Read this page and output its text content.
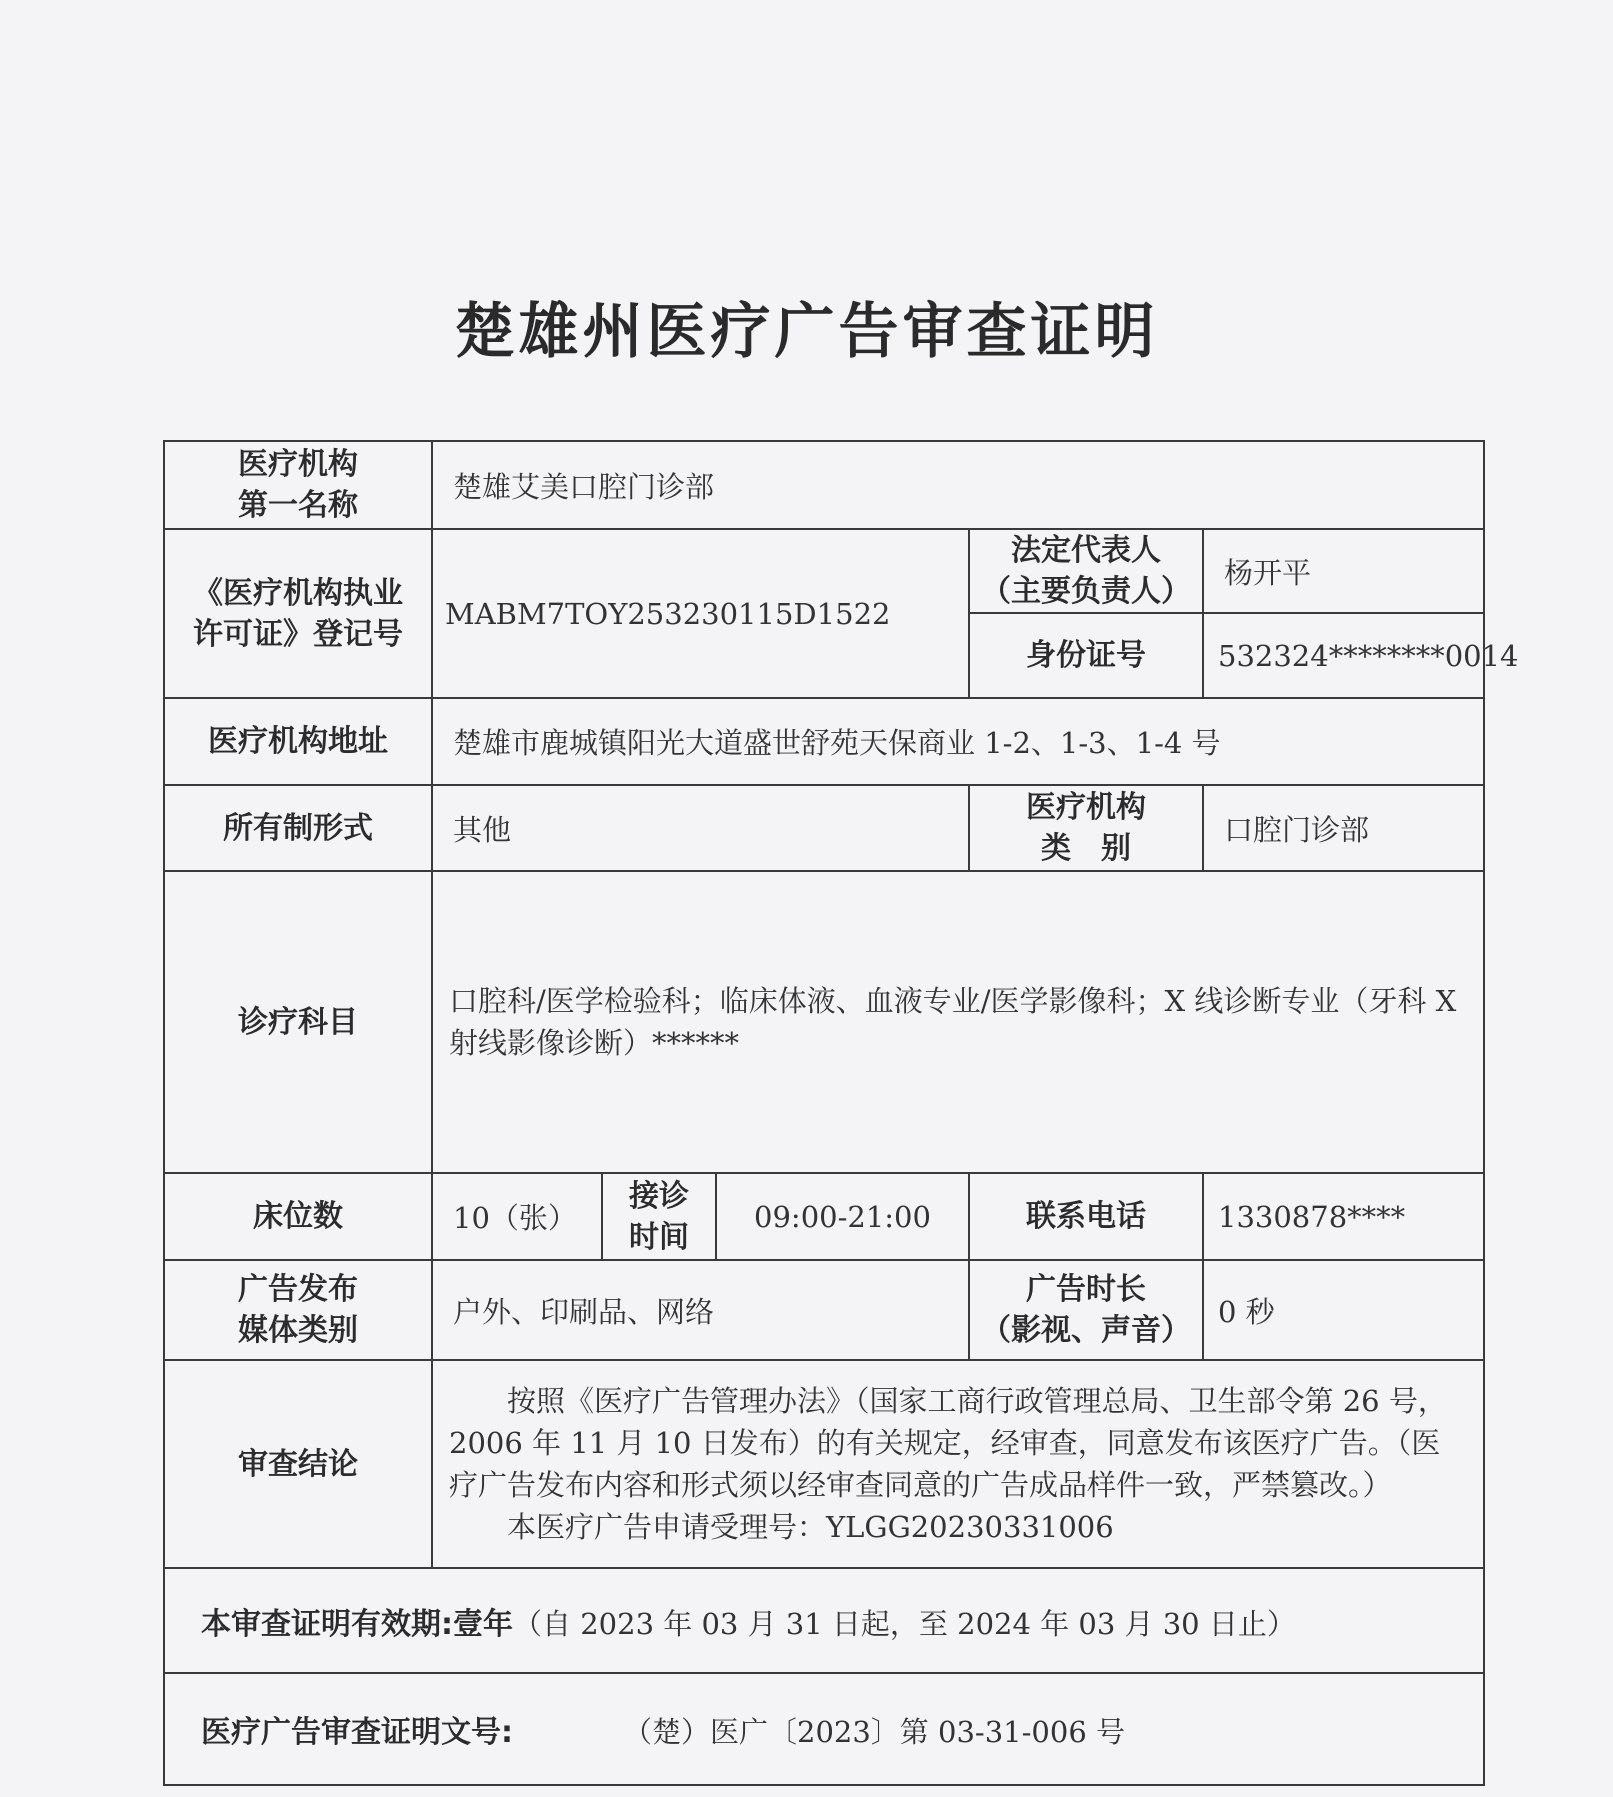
楚雄州医疗广告审查证明
医疗机构
第一名称	楚雄艾美口腔门诊部				
《医疗机构执业
许可证》登记号	MABM7TOY253230115D1522			法定代表人
（主要负责人）	杨开平
				身份证号	532324********0014
医疗机构地址	楚雄市鹿城镇阳光大道盛世舒苑天保商业 1-2、1-3、1-4 号				
所有制形式	其他			医疗机构
类　别	口腔门诊部
诊疗科目	口腔科/医学检验科；临床体液、血液专业/医学影像科；X 线诊断专业（牙科 X 射线影像诊断）******				
床位数	10（张）	接诊
时间	09:00-21:00	联系电话	1330878****
广告发布
媒体类别	户外、印刷品、网络			广告时长
（影视、声音）	0 秒
审查结论	按照《医疗广告管理办法》（国家工商行政管理总局、卫生部令第 26 号，2006 年 11 月 10 日发布）的有关规定，经审查，同意发布该医疗广告。（医疗广告发布内容和形式须以经审查同意的广告成品样件一致，严禁篡改。）
本医疗广告申请受理号：YLGG20230331006				

本审查证明有效期:壹年（自 2023 年 03 月 31 日起，至 2024 年 03 月 30 日止）					
医疗广告审查证明文号: （楚）医广〔2023〕第 03-31-006 号					
